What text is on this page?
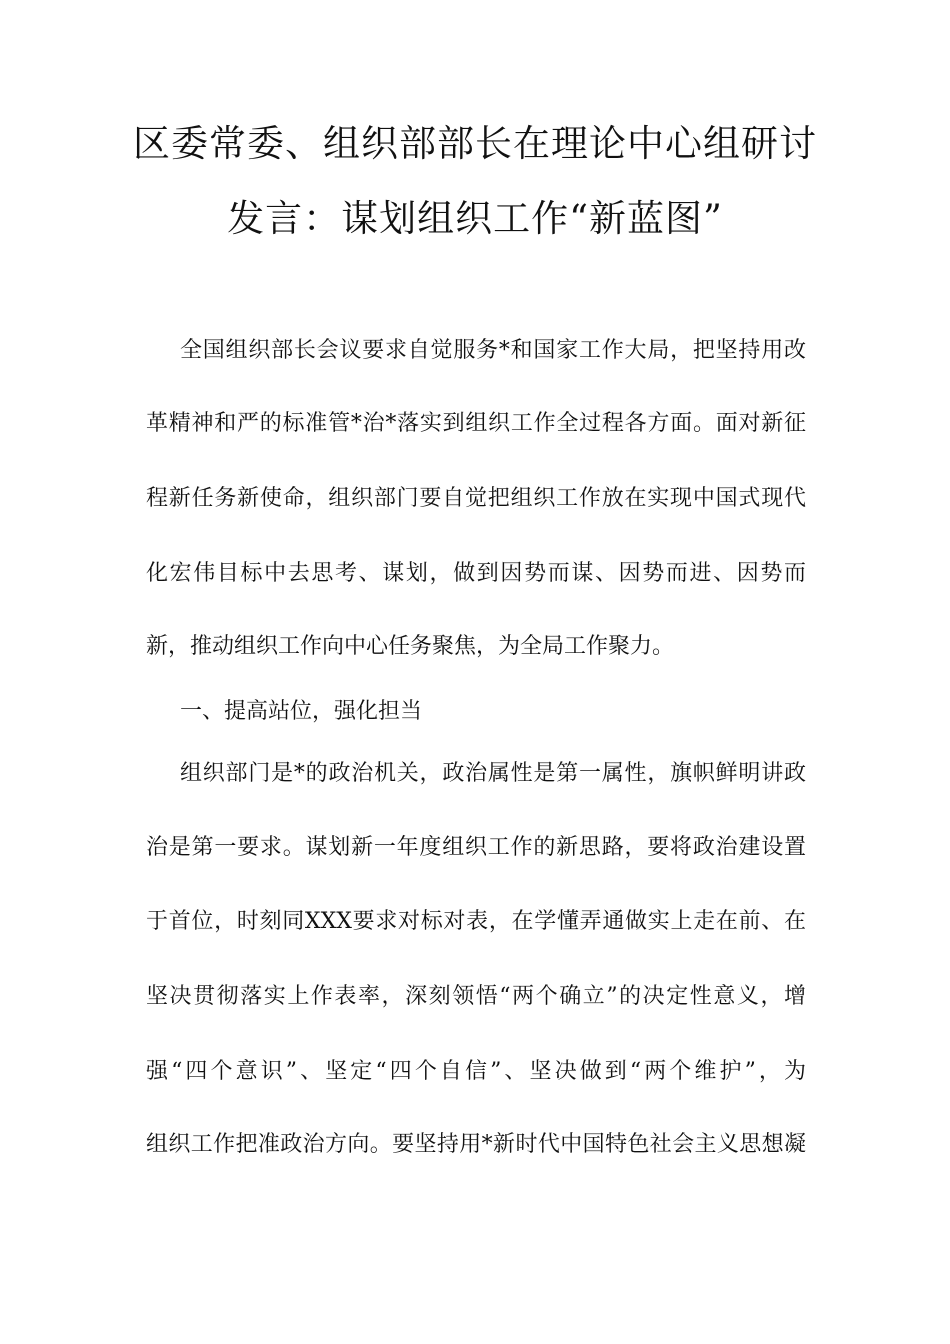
区委常委、组织部部长在理论中心组研讨
发言：谋划组织工作“新蓝图”
全国组织部长会议要求自觉服务*和国家工作大局，把坚持用改
革精神和严的标准管*治*落实到组织工作全过程各方面。面对新征
程新任务新使命，组织部门要自觉把组织工作放在实现中国式现代
化宏伟目标中去思考、谋划，做到因势而谋、因势而进、因势而
新，推动组织工作向中心任务聚焦，为全局工作聚力。
一、提高站位，强化担当
组织部门是*的政治机关，政治属性是第一属性，旗帜鲜明讲政
治是第一要求。谋划新一年度组织工作的新思路，要将政治建设置
于首位，时刻同XXX要求对标对表，在学懂弄通做实上走在前、在
坚决贯彻落实上作表率，深刻领悟“两个确立”的决定性意义，增
强“四个意识”、坚定“四个自信”、坚决做到“两个维护”，为
组织工作把准政治方向。要坚持用*新时代中国特色社会主义思想凝
